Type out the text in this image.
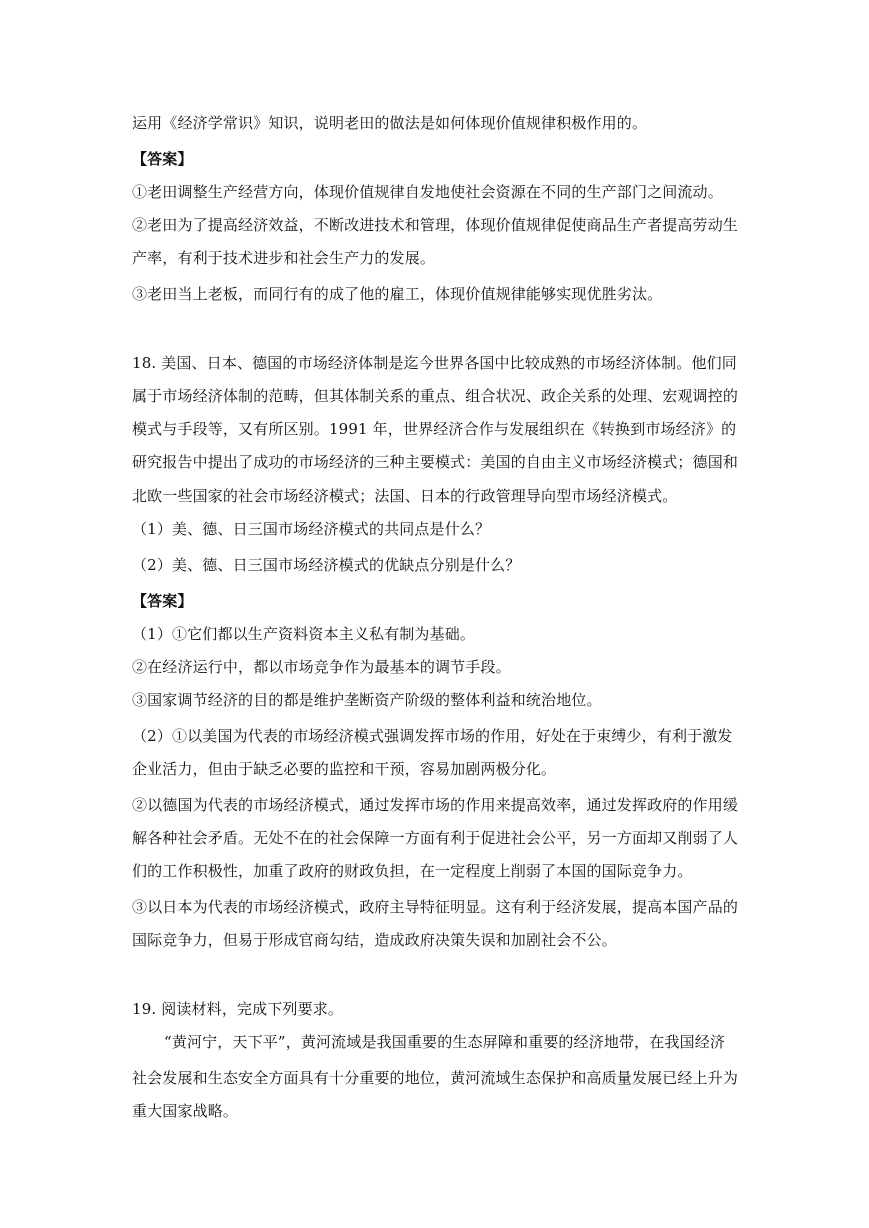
运用《经济学常识》知识，说明老田的做法是如何体现价值规律积极作用的。
【答案】
①老田调整生产经营方向，体现价值规律自发地使社会资源在不同的生产部门之间流动。
②老田为了提高经济效益，不断改进技术和管理，体现价值规律促使商品生产者提高劳动生
产率，有利于技术进步和社会生产力的发展。
③老田当上老板，而同行有的成了他的雇工，体现价值规律能够实现优胜劣汰。
18. 美国、日本、德国的市场经济体制是迄今世界各国中比较成熟的市场经济体制。他们同
属于市场经济体制的范畴，但其体制关系的重点、组合状况、政企关系的处理、宏观调控的
模式与手段等，又有所区别。1991 年，世界经济合作与发展组织在《转换到市场经济》的
研究报告中提出了成功的市场经济的三种主要模式：美国的自由主义市场经济模式；德国和
北欧一些国家的社会市场经济模式；法国、日本的行政管理导向型市场经济模式。
（1）美、德、日三国市场经济模式的共同点是什么？
（2）美、德、日三国市场经济模式的优缺点分别是什么？
【答案】
（1）①它们都以生产资料资本主义私有制为基础。
②在经济运行中，都以市场竞争作为最基本的调节手段。
③国家调节经济的目的都是维护垄断资产阶级的整体利益和统治地位。
（2）①以美国为代表的市场经济模式强调发挥市场的作用，好处在于束缚少，有利于激发
企业活力，但由于缺乏必要的监控和干预，容易加剧两极分化。
②以德国为代表的市场经济模式，通过发挥市场的作用来提高效率，通过发挥政府的作用缓
解各种社会矛盾。无处不在的社会保障一方面有利于促进社会公平，另一方面却又削弱了人
们的工作积极性，加重了政府的财政负担，在一定程度上削弱了本国的国际竞争力。
③以日本为代表的市场经济模式，政府主导特征明显。这有利于经济发展，提高本国产品的
国际竞争力，但易于形成官商勾结，造成政府决策失误和加剧社会不公。
19. 阅读材料，完成下列要求。
“黄河宁，天下平”，黄河流域是我国重要的生态屏障和重要的经济地带，在我国经济
社会发展和生态安全方面具有十分重要的地位，黄河流域生态保护和高质量发展已经上升为
重大国家战略。
